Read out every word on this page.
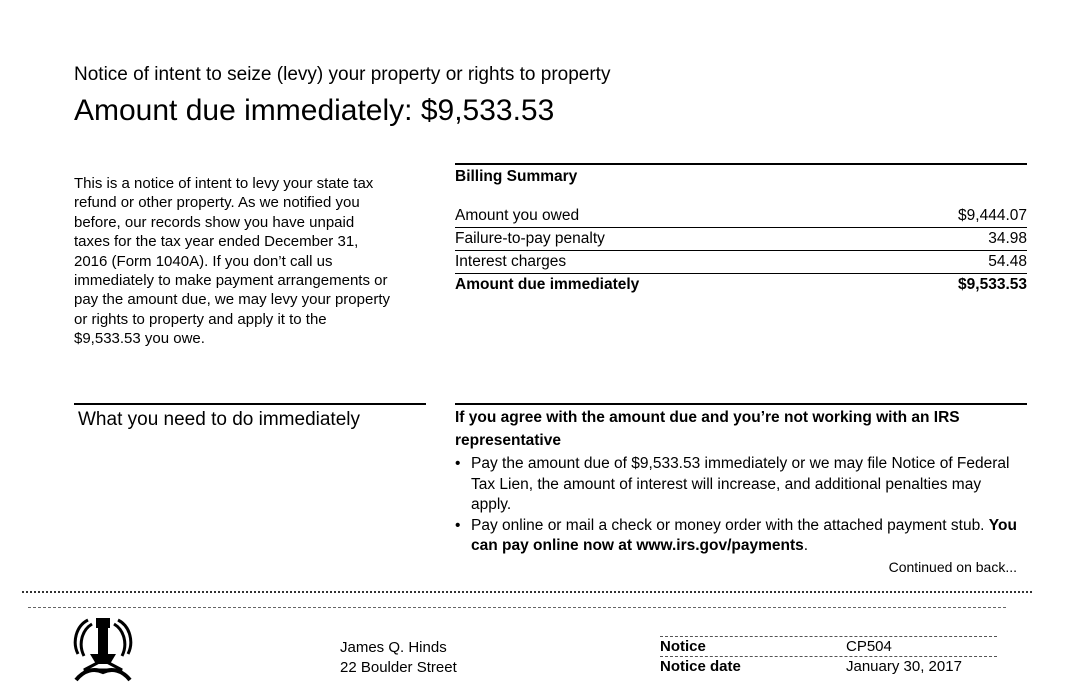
Notice of intent to seize (levy) your property or rights to property
Amount due immediately: $9,533.53
This is a notice of intent to levy your state tax refund or other property. As we notified you before, our records show you have unpaid taxes for the tax year ended December 31, 2016 (Form 1040A). If you don’t call us immediately to make payment arrangements or pay the amount due, we may levy your property or rights to property and apply it to the $9,533.53 you owe.
Billing Summary
Amount you owed	$9,444.07
Failure-to-pay penalty	34.98
Interest charges	54.48
Amount due immediately	$9,533.53
What you need to do immediately	If you agree with the amount due and you’re not working with an IRS representative
• Pay the amount due of $9,533.53 immediately or we may file Notice of Federal Tax Lien, the amount of interest will increase, and additional penalties may apply.
• Pay online or mail a check or money order with the attached payment stub. You can pay online now at www.irs.gov/payments.
Continued on back...
James Q. Hinds
22 Boulder Street
Notice	CP504
Notice date	January 30, 2017
